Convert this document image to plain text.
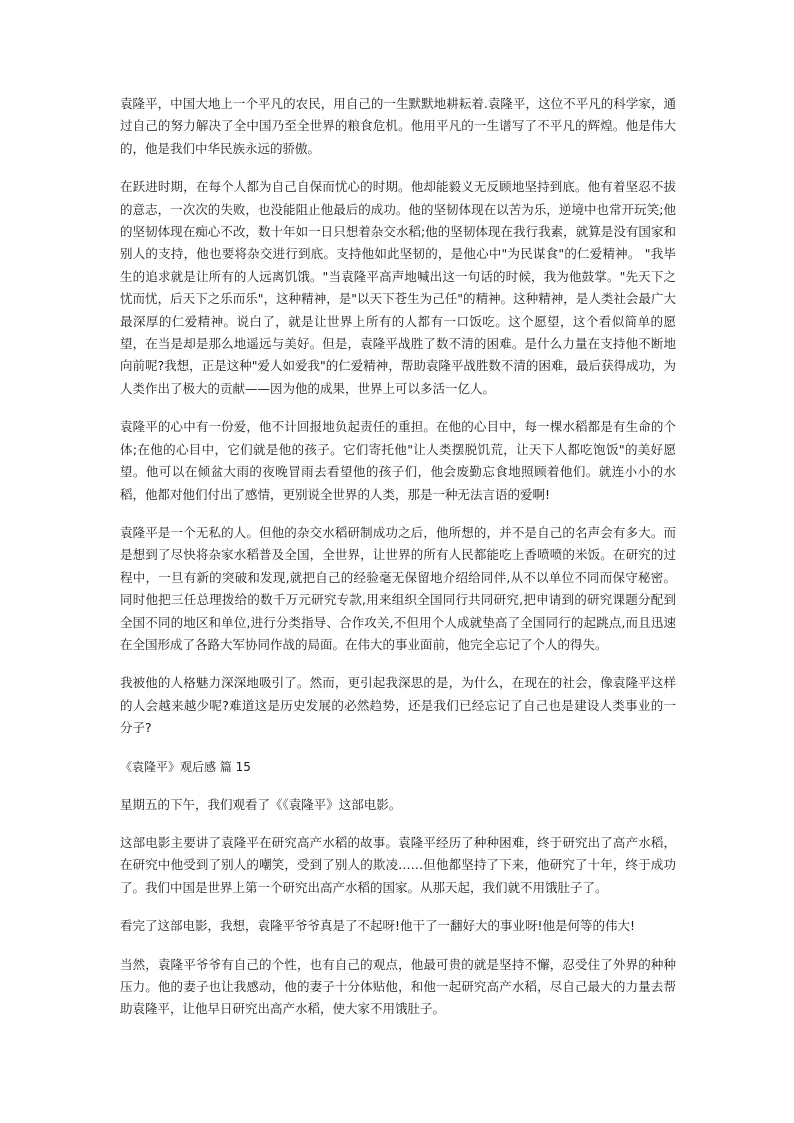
袁隆平，中国大地上一个平凡的农民，用自己的一生默默地耕耘着.袁隆平，这位不平凡的科学家，通过自己的努力解决了全中国乃至全世界的粮食危机。他用平凡的一生谱写了不平凡的辉煌。他是伟大的，他是我们中华民族永远的骄傲。

在跃进时期，在每个人都为自己自保而忧心的时期。他却能毅义无反顾地坚持到底。他有着坚忍不拔的意志，一次次的失败，也没能阻止他最后的成功。他的坚韧体现在以苦为乐，逆境中也常开玩笑;他的坚韧体现在痴心不改，数十年如一日只想着杂交水稻;他的坚韧体现在我行我素，就算是没有国家和别人的支持，他也要将杂交进行到底。支持他如此坚韧的，是他心中"为民谋食"的仁爱精神。 "我毕生的追求就是让所有的人远离饥饿。"当袁隆平高声地喊出这一句话的时候，我为他鼓掌。"先天下之忧而忧，后天下之乐而乐"，这种精神，是"以天下苍生为己任"的精神。这种精神，是人类社会最广大最深厚的仁爱精神。说白了，就是让世界上所有的人都有一口饭吃。这个愿望，这个看似简单的愿望，在当是却是那么地遥远与美好。但是，袁隆平战胜了数不清的困难。是什么力量在支持他不断地向前呢?我想，正是这种"爱人如爱我"的仁爱精神，帮助袁隆平战胜数不清的困难，最后获得成功，为人类作出了极大的贡献——因为他的成果，世界上可以多活一亿人。

袁隆平的心中有一份爱，他不计回报地负起责任的重担。在他的心目中，每一棵水稻都是有生命的个体;在他的心目中，它们就是他的孩子。它们寄托他"让人类摆脱饥荒，让天下人都吃饱饭"的美好愿望。他可以在倾盆大雨的夜晚冒雨去看望他的孩子们，他会废勤忘食地照顾着他们。就连小小的水稻，他都对他们付出了感情，更别说全世界的人类，那是一种无法言语的爱啊!

袁隆平是一个无私的人。但他的杂交水稻研制成功之后，他所想的，并不是自己的名声会有多大。而是想到了尽快将杂家水稻普及全国，全世界，让世界的所有人民都能吃上香喷喷的米饭。在研究的过程中，一旦有新的突破和发现,就把自己的经验毫无保留地介绍给同伴,从不以单位不同而保守秘密。同时他把三任总理拨给的数千万元研究专款,用来组织全国同行共同研究,把申请到的研究课题分配到全国不同的地区和单位,进行分类指导、合作攻关,不但用个人成就垫高了全国同行的起跳点,而且迅速在全国形成了各路大军协同作战的局面。在伟大的事业面前，他完全忘记了个人的得失。

我被他的人格魅力深深地吸引了。然而，更引起我深思的是，为什么，在现在的社会，像袁隆平这样的人会越来越少呢?难道这是历史发展的必然趋势，还是我们已经忘记了自己也是建设人类事业的一分子?

《袁隆平》观后感 篇 15

星期五的下午，我们观看了《《袁隆平》这部电影。

这部电影主要讲了袁隆平在研究高产水稻的故事。袁隆平经历了种种困难，终于研究出了高产水稻，在研究中他受到了别人的嘲笑，受到了别人的欺凌……但他都坚持了下来，他研究了十年，终于成功了。我们中国是世界上第一个研究出高产水稻的国家。从那天起，我们就不用饿肚子了。

看完了这部电影，我想，袁隆平爷爷真是了不起呀!他干了一翻好大的事业呀!他是何等的伟大!

当然，袁隆平爷爷有自己的个性，也有自己的观点，他最可贵的就是坚持不懈，忍受住了外界的种种压力。他的妻子也让我感动，他的妻子十分体贴他，和他一起研究高产水稻，尽自己最大的力量去帮助袁隆平，让他早日研究出高产水稻，使大家不用饿肚子。
